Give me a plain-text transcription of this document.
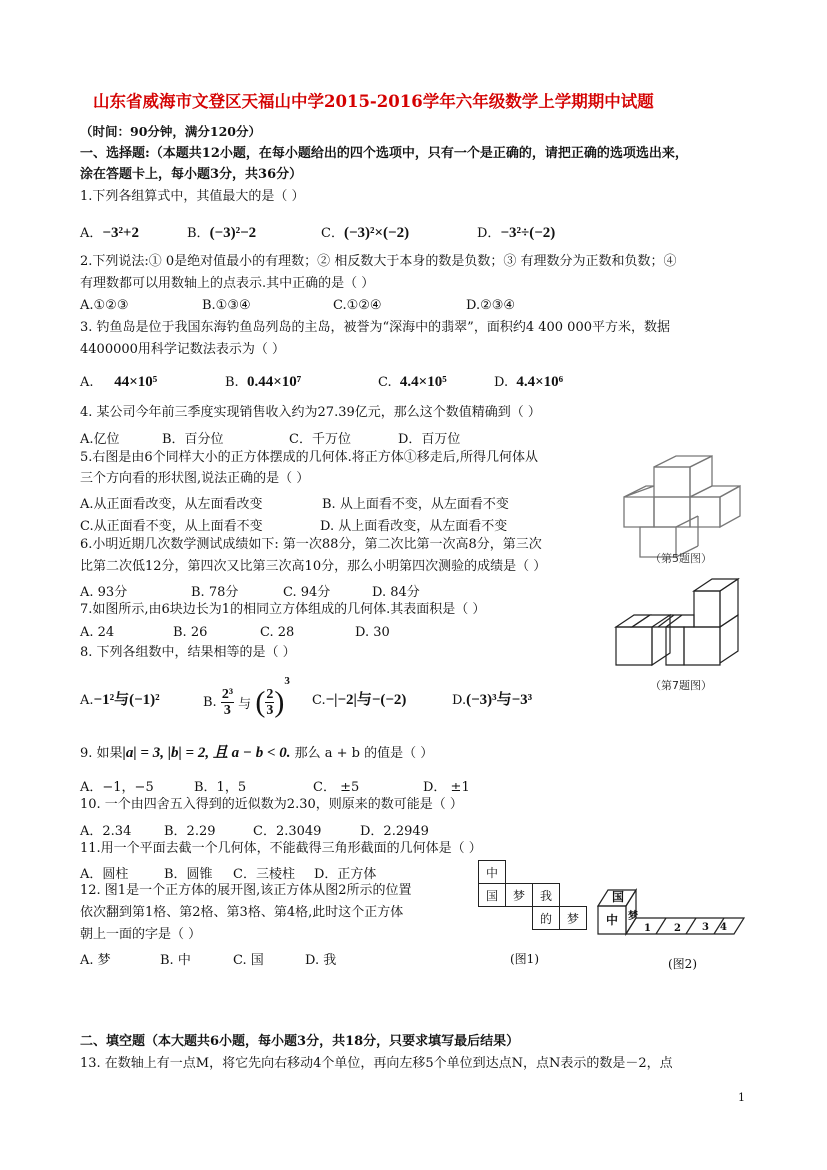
山东省威海市文登区天福山中学2015-2016学年六年级数学上学期期中试题
（时间：90分钟，满分120分）
一、选择题:（本题共12小题，在每小题给出的四个选项中，只有一个是正确的，请把正确的选项选出来，
涂在答题卡上，每小题3分，共36分）
1.下列各组算式中，其值最大的是（ ）
A．−3²+2	B．(−3)²−2	C．(−3)²×(−2)	D．−3²÷(−2)
2.下列说法:① 0是绝对值最小的有理数；② 相反数大于本身的数是负数；③ 有理数分为正数和负数；④
有理数都可以用数轴上的点表示.其中正确的是（ ）
A.①②③	B.①③④	C.①②④	D.②③④
3. 钓鱼岛是位于我国东海钓鱼岛列岛的主岛，被誉为“深海中的翡翠”，面积约4 400 000平方米，数据
4400000用科学记数法表示为（ ）
A. 44×10⁵	B. 0.44×10⁷	C. 4.4×10⁵	D. 4.4×10⁶
4. 某公司今年前三季度实现销售收入约为27.39亿元，那么这个数值精确到（ ）
A.亿位	B．百分位	C．千万位	D．百万位
5.右图是由6个同样大小的正方体摆成的几何体.将正方体①移走后,所得几何体从
三个方向看的形状图,说法正确的是（ ）
A.从正面看改变，从左面看改变	B. 从上面看不变，从左面看不变
C.从正面看不变，从上面看不变	D. 从上面看改变，从左面看不变
（第5题图）
6.小明近期几次数学测试成绩如下: 第一次88分，第二次比第一次高8分，第三次
比第二次低12分，第四次又比第三次高10分，那么小明第四次测验的成绩是（ ）
A. 93分	B. 78分	C. 94分	D. 84分
7.如图所示,由6块边长为1的相同立方体组成的几何体.其表面积是（ ）
A. 24	B. 26	C. 28	D. 30
（第7题图）
8. 下列各组数中，结果相等的是（ ）
A.−1²与(−1)²	B. $\frac{\text{2³}}{3}$ 与 ( $\frac{2}{3} )^3$
C.−|−2|与−(−2)	D.(−3)³与−3³
9. 如果|a| = 3, |b| = 2, 且 a − b < 0. 那么 a + b 的值是（ ）
A．−1，−5	B．1，5	C． ±5	D． ±1
10. 一个由四舍五入得到的近似数为2.30，则原来的数可能是（ ）
A．2.34	B．2.29	C．2.3049	D．2.2949
11.用一个平面去截一个几何体，不能截得三角形截面的几何体是（ ）
A．圆柱	B．圆锥 C．三棱柱 D．正方体
12. 图1是一个正方体的展开图,该正方体从图2所示的位置
依次翻到第1格、第2格、第3格、第4格,此时这个正方体
朝上一面的字是（ ）
A. 梦	B. 中	C. 国	D. 我
中			
国	梦	我	
		的	梦
(图1)
国
中 梦
1 2 3 4
(图2)
二、填空题（本大题共6小题，每小题3分，共18分，只要求填写最后结果）
13. 在数轴上有一点M，将它先向右移动4个单位，再向左移5个单位到达点N，点N表示的数是－2，点
1
